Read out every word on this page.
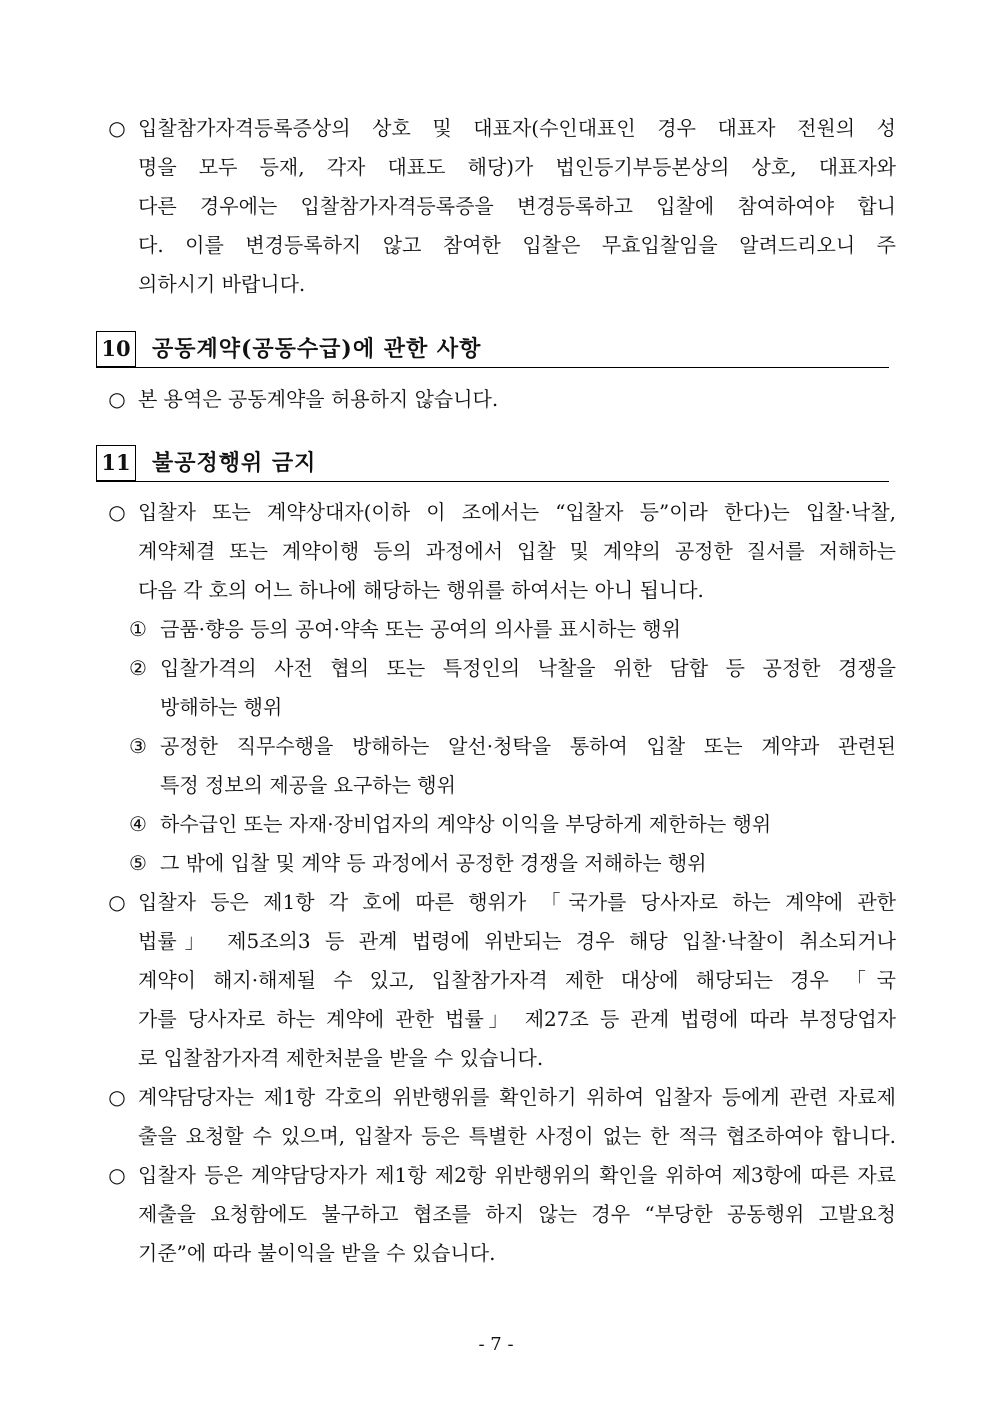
○ 입찰참가자격등록증상의 상호 및 대표자(수인대표인 경우 대표자 전원의 성
명을 모두 등재, 각자 대표도 해당)가 법인등기부등본상의 상호, 대표자와
다른 경우에는 입찰참가자격등록증을 변경등록하고 입찰에 참여하여야 합니
다. 이를 변경등록하지 않고 참여한 입찰은 무효입찰임을 알려드리오니 주
의하시기 바랍니다.
10 공동계약(공동수급)에 관한 사항
○ 본 용역은 공동계약을 허용하지 않습니다.
11 불공정행위 금지
○ 입찰자 또는 계약상대자(이하 이 조에서는 “입찰자 등”이라 한다)는 입찰·낙찰,
계약체결 또는 계약이행 등의 과정에서 입찰 및 계약의 공정한 질서를 저해하는
다음 각 호의 어느 하나에 해당하는 행위를 하여서는 아니 됩니다.
① 금품·향응 등의 공여·약속 또는 공여의 의사를 표시하는 행위
② 입찰가격의 사전 협의 또는 특정인의 낙찰을 위한 담합 등 공정한 경쟁을
방해하는 행위
③ 공정한 직무수행을 방해하는 알선·청탁을 통하여 입찰 또는 계약과 관련된
특정 정보의 제공을 요구하는 행위
④ 하수급인 또는 자재·장비업자의 계약상 이익을 부당하게 제한하는 행위
⑤ 그 밖에 입찰 및 계약 등 과정에서 공정한 경쟁을 저해하는 행위
○ 입찰자 등은 제1항 각 호에 따른 행위가 「국가를 당사자로 하는 계약에 관한
법률」 제5조의3 등 관계 법령에 위반되는 경우 해당 입찰·낙찰이 취소되거나
계약이 해지·해제될 수 있고, 입찰참가자격 제한 대상에 해당되는 경우 「국
가를 당사자로 하는 계약에 관한 법률」 제27조 등 관계 법령에 따라 부정당업자
로 입찰참가자격 제한처분을 받을 수 있습니다.
○ 계약담당자는 제1항 각호의 위반행위를 확인하기 위하여 입찰자 등에게 관련 자료제
출을 요청할 수 있으며, 입찰자 등은 특별한 사정이 없는 한 적극 협조하여야 합니다.
○ 입찰자 등은 계약담당자가 제1항 제2항 위반행위의 확인을 위하여 제3항에 따른 자료
제출을 요청함에도 불구하고 협조를 하지 않는 경우 “부당한 공동행위 고발요청
기준”에 따라 불이익을 받을 수 있습니다.
- 7 -
